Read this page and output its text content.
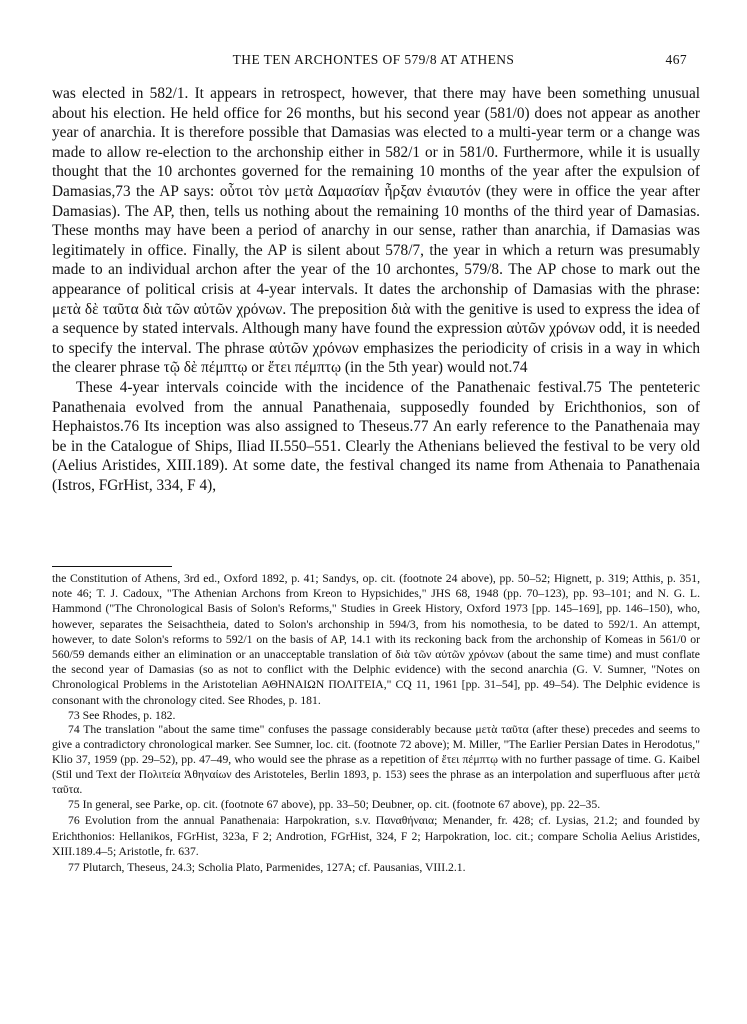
THE TEN ARCHONTES OF 579/8 AT ATHENS	467

was elected in 582/1. It appears in retrospect, however, that there may have been something unusual about his election. He held office for 26 months, but his second year (581/0) does not appear as another year of anarchia. It is therefore possible that Damasias was elected to a multi-year term or a change was made to allow re-election to the archonship either in 582/1 or in 581/0. Furthermore, while it is usually thought that the 10 archontes governed for the remaining 10 months of the year after the expulsion of Damasias,73 the AP says: οὗτοι τὸν μετὰ Δαμασίαν ἦρξαν ἐνιαυτόν (they were in office the year after Damasias). The AP, then, tells us nothing about the remaining 10 months of the third year of Damasias. These months may have been a period of anarchy in our sense, rather than anarchia, if Damasias was legitimately in office. Finally, the AP is silent about 578/7, the year in which a return was presumably made to an individual archon after the year of the 10 archontes, 579/8. The AP chose to mark out the appearance of political crisis at 4-year intervals. It dates the archonship of Damasias with the phrase: μετὰ δὲ ταῦτα διὰ τῶν αὐτῶν χρόνων. The preposition διὰ with the genitive is used to express the idea of a sequence by stated intervals. Although many have found the expression αὐτῶν χρόνων odd, it is needed to specify the interval. The phrase αὐτῶν χρόνων emphasizes the periodicity of crisis in a way in which the clearer phrase τῷ δὲ πέμπτῳ or ἔτει πέμπτῳ (in the 5th year) would not.74

These 4-year intervals coincide with the incidence of the Panathenaic festival.75 The penteteric Panathenaia evolved from the annual Panathenaia, supposedly founded by Erichthonios, son of Hephaistos.76 Its inception was also assigned to Theseus.77 An early reference to the Panathenaia may be in the Catalogue of Ships, Iliad II.550–551. Clearly the Athenians believed the festival to be very old (Aelius Aristides, XIII.189). At some date, the festival changed its name from Athenaia to Panathenaia (Istros, FGrHist, 334, F 4),

the Constitution of Athens, 3rd ed., Oxford 1892, p. 41; Sandys, op. cit. (footnote 24 above), pp. 50–52; Hignett, p. 319; Atthis, p. 351, note 46; T. J. Cadoux, "The Athenian Archons from Kreon to Hypsichides," JHS 68, 1948 (pp. 70–123), pp. 93–101; and N. G. L. Hammond ("The Chronological Basis of Solon's Reforms," Studies in Greek History, Oxford 1973 [pp. 145–169], pp. 146–150), who, however, separates the Seisachtheia, dated to Solon's archonship in 594/3, from his nomothesia, to be dated to 592/1. An attempt, however, to date Solon's reforms to 592/1 on the basis of AP, 14.1 with its reckoning back from the archonship of Komeas in 561/0 or 560/59 demands either an elimination or an unacceptable translation of διὰ τῶν αὐτῶν χρόνων (about the same time) and must conflate the second year of Damasias (so as not to conflict with the Delphic evidence) with the second anarchia (G. V. Sumner, "Notes on Chronological Problems in the Aristotelian ΑΘΗΝΑΙΩΝ ΠΟΛΙΤΕΙΑ," CQ 11, 1961 [pp. 31–54], pp. 49–54). The Delphic evidence is consonant with the chronology cited. See Rhodes, p. 181.

73 See Rhodes, p. 182.

74 The translation "about the same time" confuses the passage considerably because μετὰ ταῦτα (after these) precedes and seems to give a contradictory chronological marker. See Sumner, loc. cit. (footnote 72 above); M. Miller, "The Earlier Persian Dates in Herodotus," Klio 37, 1959 (pp. 29–52), pp. 47–49, who would see the phrase as a repetition of ἔτει πέμπτῳ with no further passage of time. G. Kaibel (Stil und Text der Πολιτεία Ἀθηναίων des Aristoteles, Berlin 1893, p. 153) sees the phrase as an interpolation and superfluous after μετὰ ταῦτα.

75 In general, see Parke, op. cit. (footnote 67 above), pp. 33–50; Deubner, op. cit. (footnote 67 above), pp. 22–35.

76 Evolution from the annual Panathenaia: Harpokration, s.v. Παναθήναια; Menander, fr. 428; cf. Lysias, 21.2; and founded by Erichthonios: Hellanikos, FGrHist, 323a, F 2; Androtion, FGrHist, 324, F 2; Harpokration, loc. cit.; compare Scholia Aelius Aristides, XIII.189.4–5; Aristotle, fr. 637.

77 Plutarch, Theseus, 24.3; Scholia Plato, Parmenides, 127A; cf. Pausanias, VIII.2.1.
